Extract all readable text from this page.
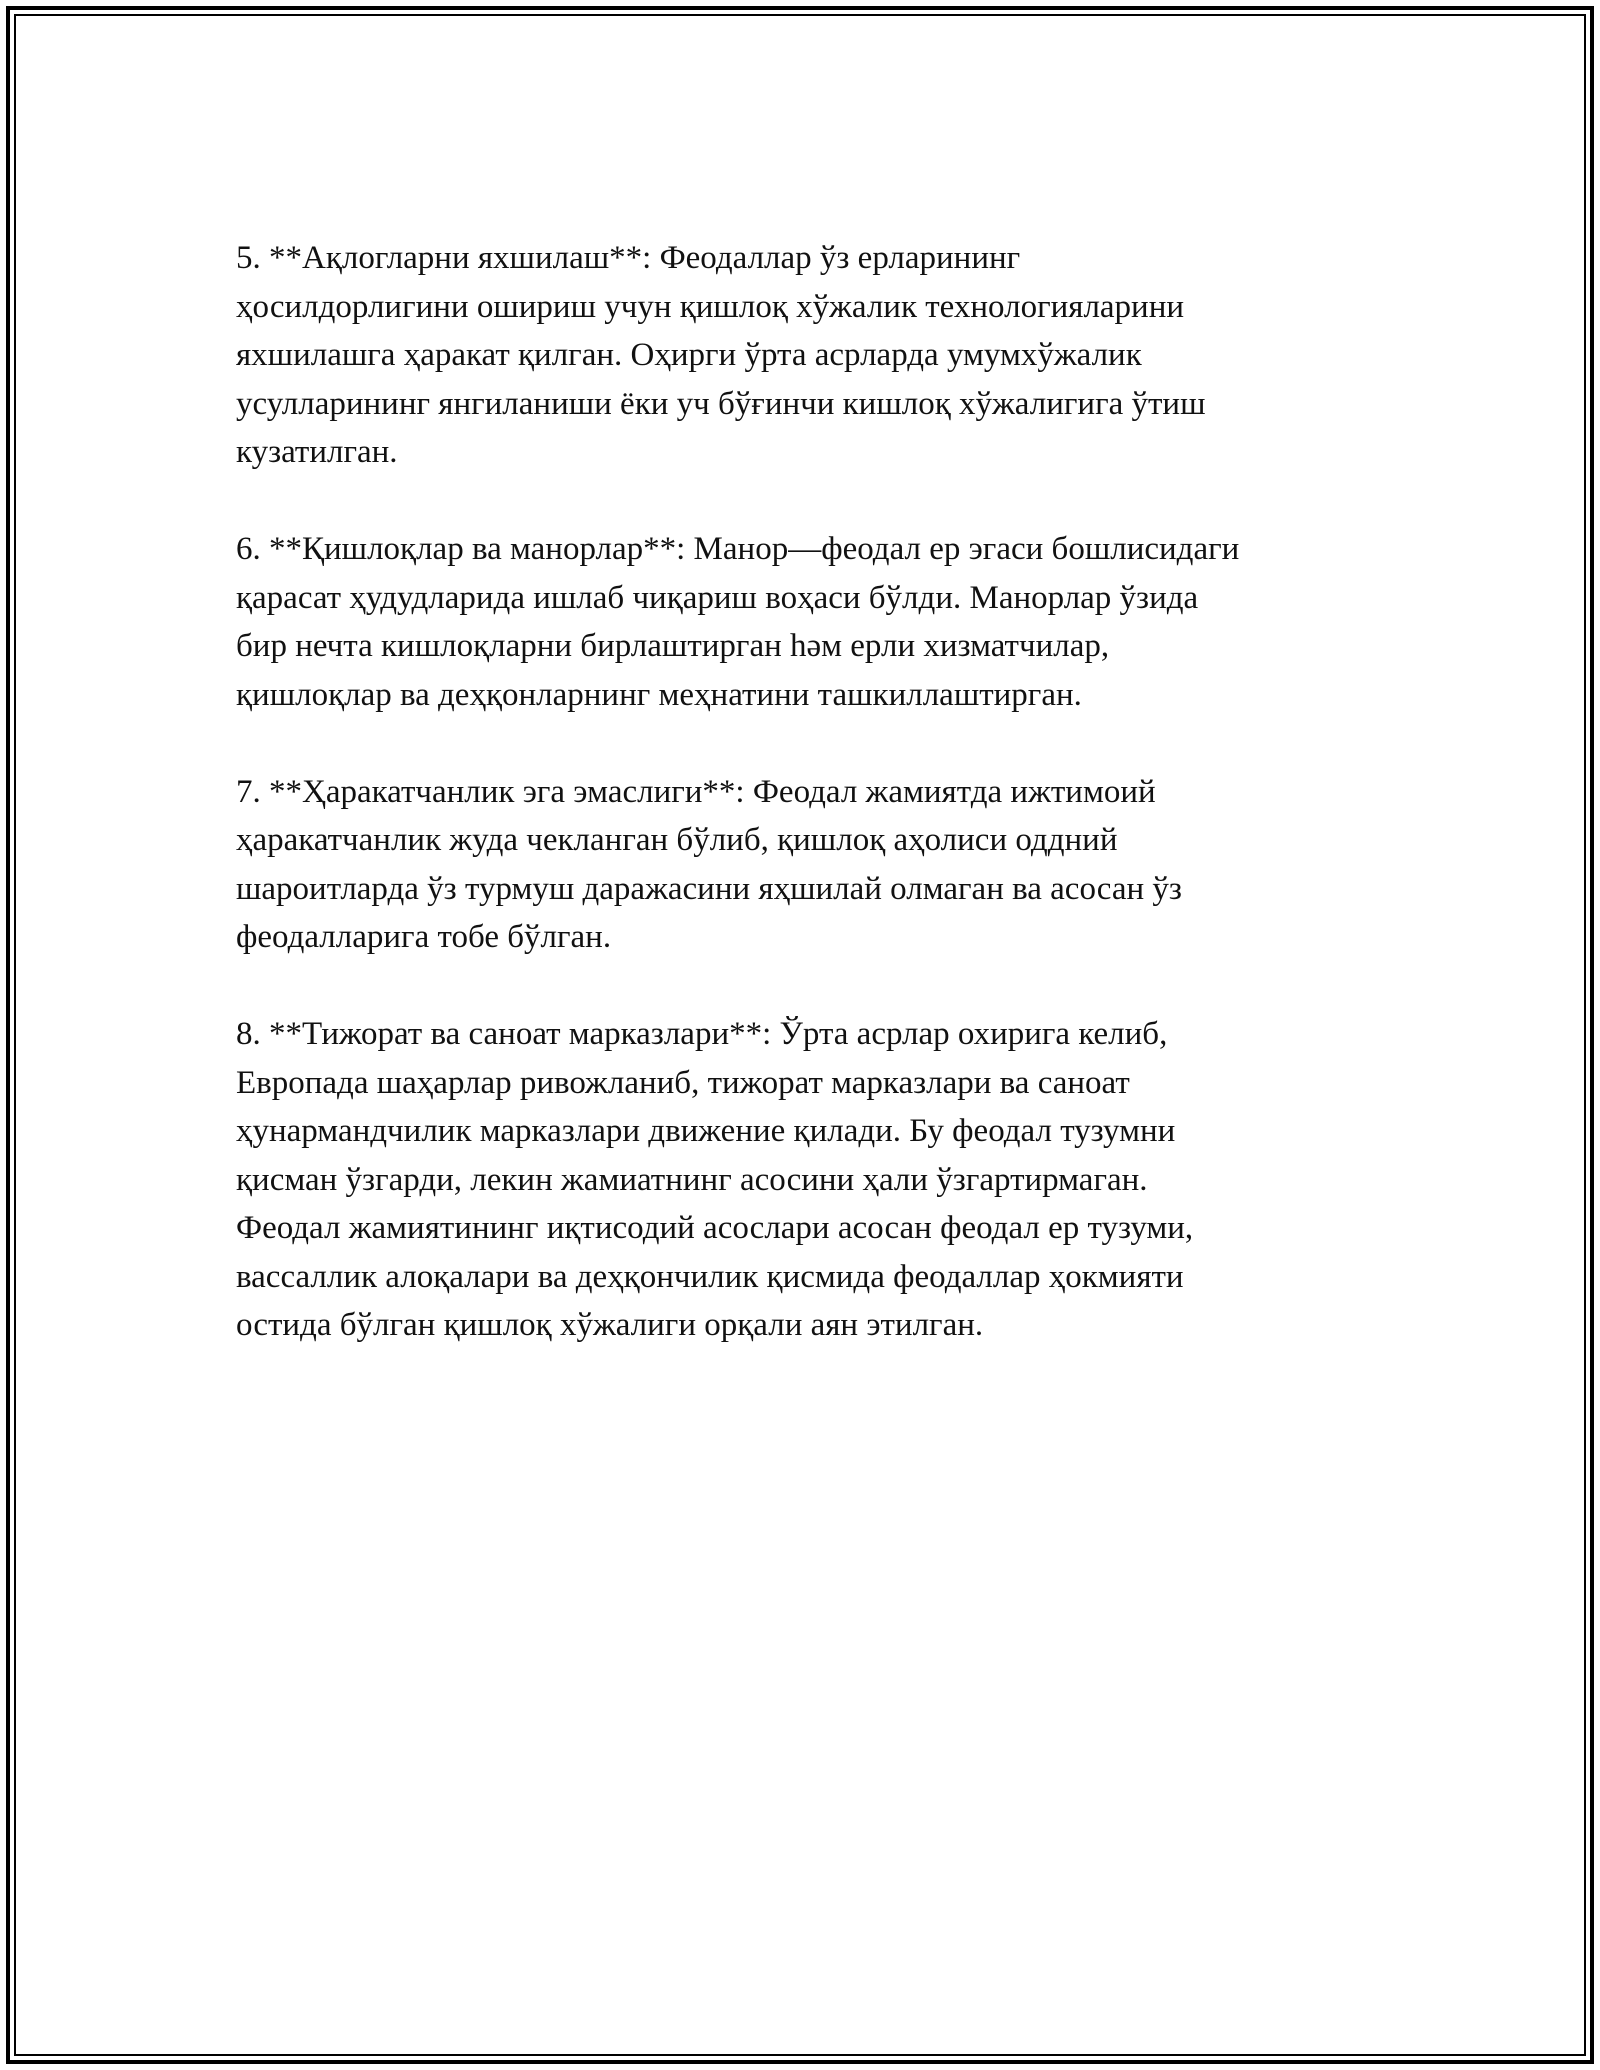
5. **Ақлогларни яхшилаш**: Феодаллар ўз ерларининг
ҳосилдорлигини ошириш учун қишлоқ хўжалик технологияларини
яхшилашга ҳаракат қилган. Оҳирги ўрта асрларда умумхўжалик
усулларининг янгиланиши ёки уч бўғинчи кишлоқ хўжалигига ўтиш
кузатилган.

6. **Қишлоқлар ва манорлар**: Манор—феодал ер эгаси бошлисидаги
қарасат ҳудудларида ишлаб чиқариш воҳаси бўлди. Манорлар ўзида
бир нечта кишлоқларни бирлаштирган һәм ерли хизматчилар,
қишлоқлар ва деҳқонларнинг меҳнатини ташкиллаштирган.

7. **Ҳаракатчанлик эга эмаслиги**: Феодал жамиятда ижтимоий
ҳаракатчанлик жуда чекланган бўлиб, қишлоқ аҳолиси оддний
шароитларда ўз турмуш даражасини яҳшилай олмаган ва асосан ўз
феодалларига тобе бўлган.

8. **Тижорат ва саноат марказлари**: Ўрта асрлар охирига келиб,
Европада шаҳарлар ривожланиб, тижорат марказлари ва саноат
ҳунармандчилик марказлари движение қилади. Бу феодал тузумни
қисман ўзгарди, лекин жамиатнинг асосини ҳали ўзгартирмаган.
Феодал жамиятининг иқтисодий асослари асосан феодал ер тузуми,
вассаллик алоқалари ва деҳқончилик қисмида феодаллар ҳокмияти
остида бўлган қишлоқ хўжалиги орқали аян этилган.
